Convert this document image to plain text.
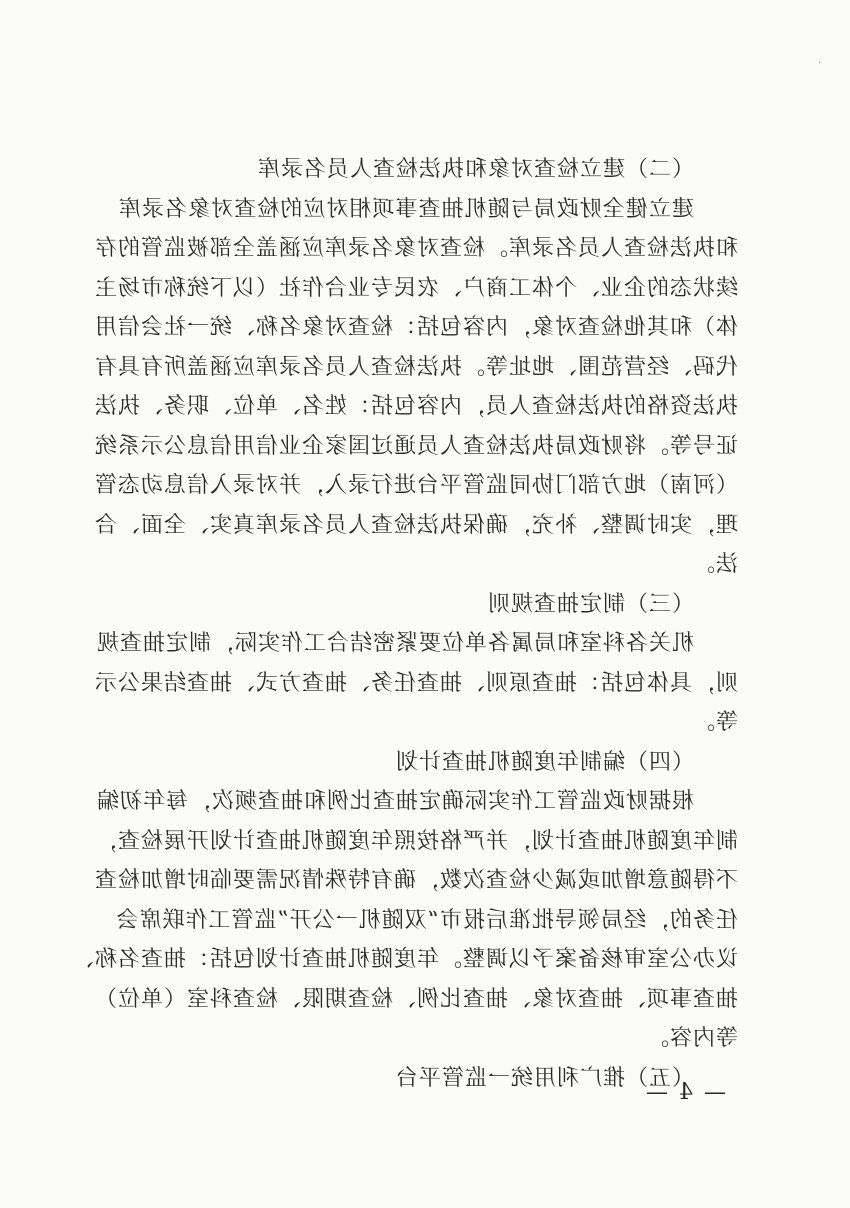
·
（二）建立检查对象和执法检查人员名录库
建立健全财政局与随机抽查事项相对应的检查对象名录库
和执法检查人员名录库。检查对象名录库应涵盖全部被监管的存
续状态的企业、个体工商户、农民专业合作社（以下统称市场主
体）和其他检查对象，内容包括：检查对象名称、统一社会信用
代码、经营范围、地址等。执法检查人员名录库应涵盖所有具有
执法资格的执法检查人员，内容包括：姓名、单位、职务、执法
证号等。将财政局执法检查人员通过国家企业信用信息公示系统
（河南）地方部门协同监管平台进行录入，并对录入信息动态管
理，实时调整、补充，确保执法检查人员名录库真实、全面、合
法。
（三）制定抽查规则
机关各科室和局属各单位要紧密结合工作实际，制定抽查规
则，具体包括：抽查原则、抽查任务、抽查方式、抽查结果公示
等。
（四）编制年度随机抽查计划
根据财政监管工作实际确定抽查比例和抽查频次，每年初编
制年度随机抽查计划，并严格按照年度随机抽查计划开展检查，
不得随意增加或减少检查次数，确有特殊情况需要临时增加检查
任务的，经局领导批准后报市“双随机一公开”监管工作联席会
议办公室审核备案予以调整。年度随机抽查计划包括：抽查名称、
抽查事项、抽查对象、抽查比例、检查期限、检查科室（单位）
等内容。
（五）推广利用统一监管平台
— 4 —
